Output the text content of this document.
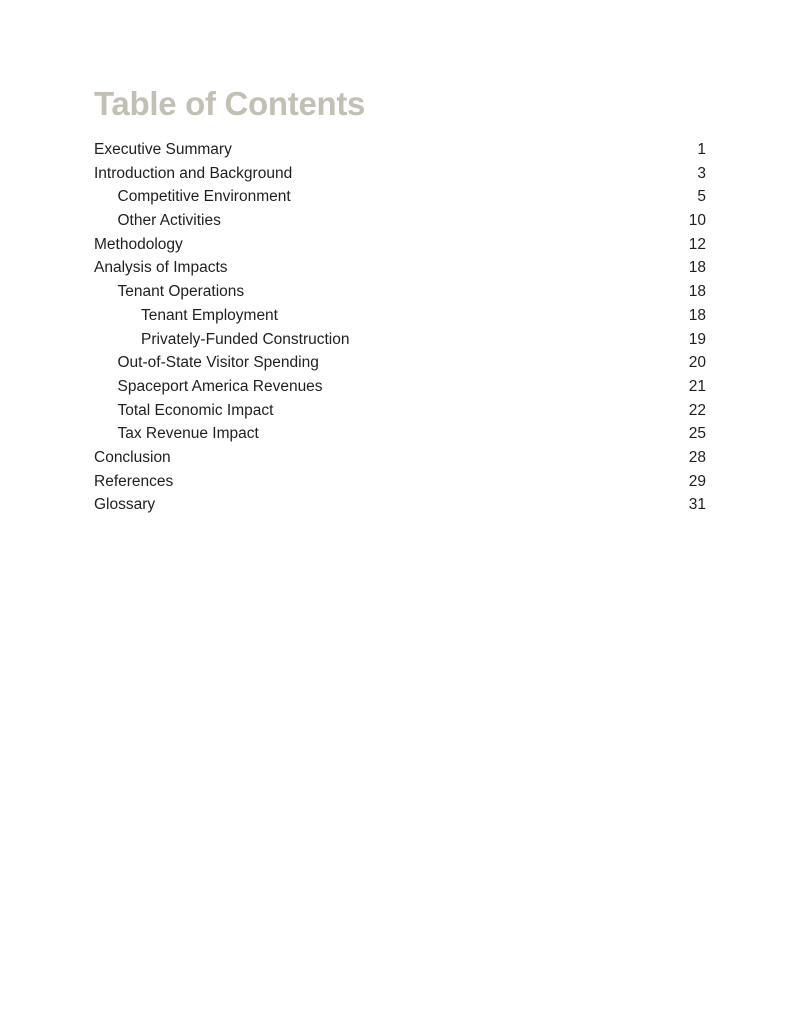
Table of Contents
Executive Summary	1
Introduction and Background	3
Competitive Environment	5
Other Activities	10
Methodology	12
Analysis of Impacts	18
Tenant Operations	18
Tenant Employment	18
Privately-Funded Construction	19
Out-of-State Visitor Spending	20
Spaceport America Revenues	21
Total Economic Impact	22
Tax Revenue Impact	25
Conclusion	28
References	29
Glossary	31
